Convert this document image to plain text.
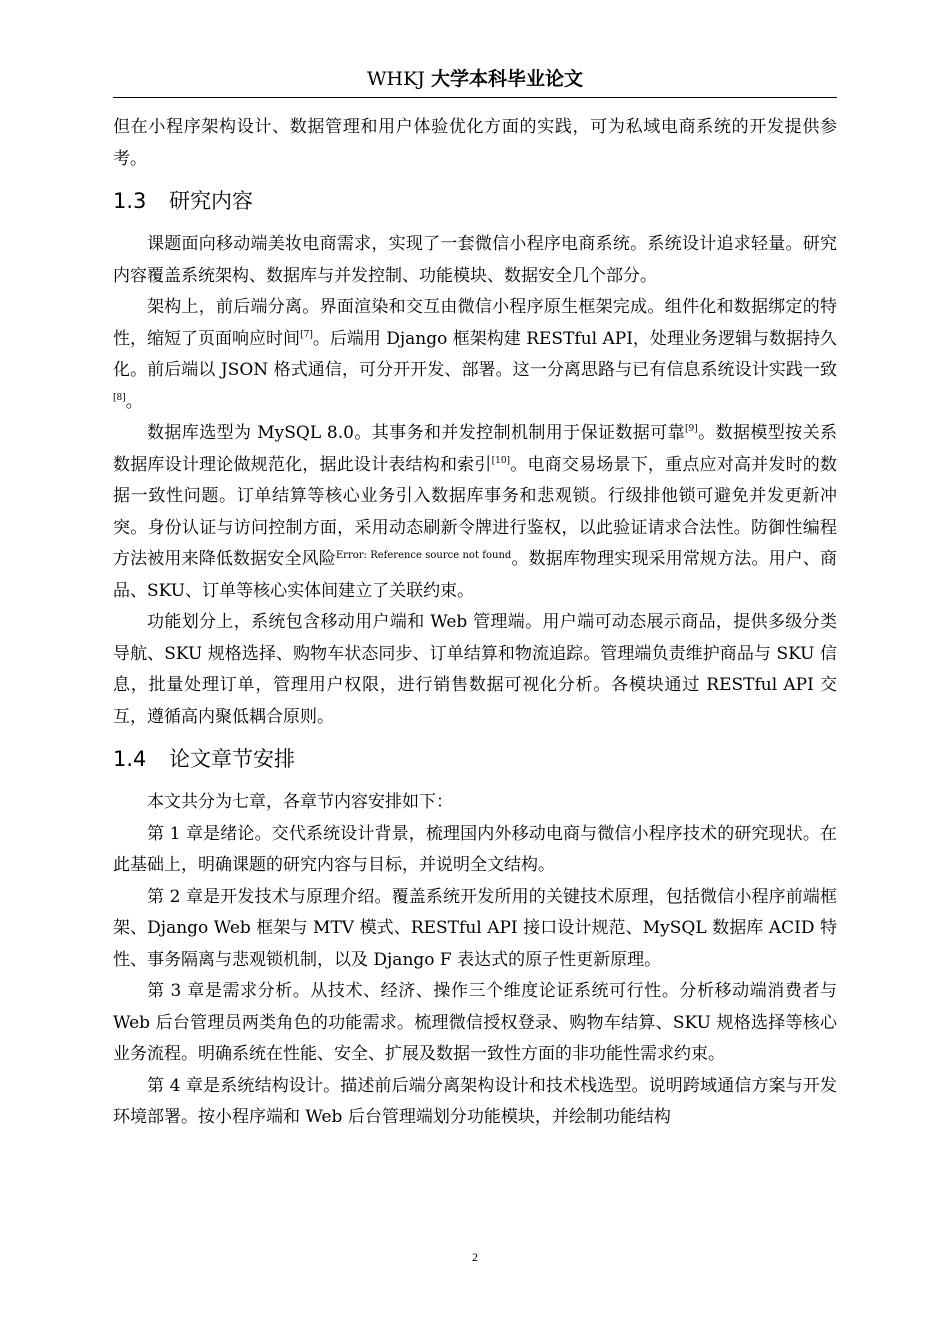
WHKJ 大学本科毕业论文

但在小程序架构设计、数据管理和用户体验优化方面的实践，可为私域电商系统的开发提供参考。

1.3 研究内容

课题面向移动端美妆电商需求，实现了一套微信小程序电商系统。系统设计追求轻量。研究内容覆盖系统架构、数据库与并发控制、功能模块、数据安全几个部分。

架构上，前后端分离。界面渲染和交互由微信小程序原生框架完成。组件化和数据绑定的特性，缩短了页面响应时间[7]。后端用 Django 框架构建 RESTful API，处理业务逻辑与数据持久化。前后端以 JSON 格式通信，可分开开发、部署。这一分离思路与已有信息系统设计实践一致[8]。

数据库选型为 MySQL 8.0。其事务和并发控制机制用于保证数据可靠[9]。数据模型按关系数据库设计理论做规范化，据此设计表结构和索引[10]。电商交易场景下，重点应对高并发时的数据一致性问题。订单结算等核心业务引入数据库事务和悲观锁。行级排他锁可避免并发更新冲突。身份认证与访问控制方面，采用动态刷新令牌进行鉴权，以此验证请求合法性。防御性编程方法被用来降低数据安全风险$^{Error: Reference source not found}$。数据库物理实现采用常规方法。用户、商品、SKU、订单等核心实体间建立了关联约束。

功能划分上，系统包含移动用户端和 Web 管理端。用户端可动态展示商品，提供多级分类导航、SKU 规格选择、购物车状态同步、订单结算和物流追踪。管理端负责维护商品与 SKU 信息，批量处理订单，管理用户权限，进行销售数据可视化分析。各模块通过 RESTful API 交互，遵循高内聚低耦合原则。

1.4 论文章节安排

本文共分为七章，各章节内容安排如下：

第 1 章是绪论。交代系统设计背景，梳理国内外移动电商与微信小程序技术的研究现状。在此基础上，明确课题的研究内容与目标，并说明全文结构。

第 2 章是开发技术与原理介绍。覆盖系统开发所用的关键技术原理，包括微信小程序前端框架、Django Web 框架与 MTV 模式、RESTful API 接口设计规范、MySQL 数据库 ACID 特性、事务隔离与悲观锁机制，以及 Django F 表达式的原子性更新原理。

第 3 章是需求分析。从技术、经济、操作三个维度论证系统可行性。分析移动端消费者与 Web 后台管理员两类角色的功能需求。梳理微信授权登录、购物车结算、SKU 规格选择等核心业务流程。明确系统在性能、安全、扩展及数据一致性方面的非功能性需求约束。

第 4 章是系统结构设计。描述前后端分离架构设计和技术栈选型。说明跨域通信方案与开发环境部署。按小程序端和 Web 后台管理端划分功能模块，并绘制功能结构

2
